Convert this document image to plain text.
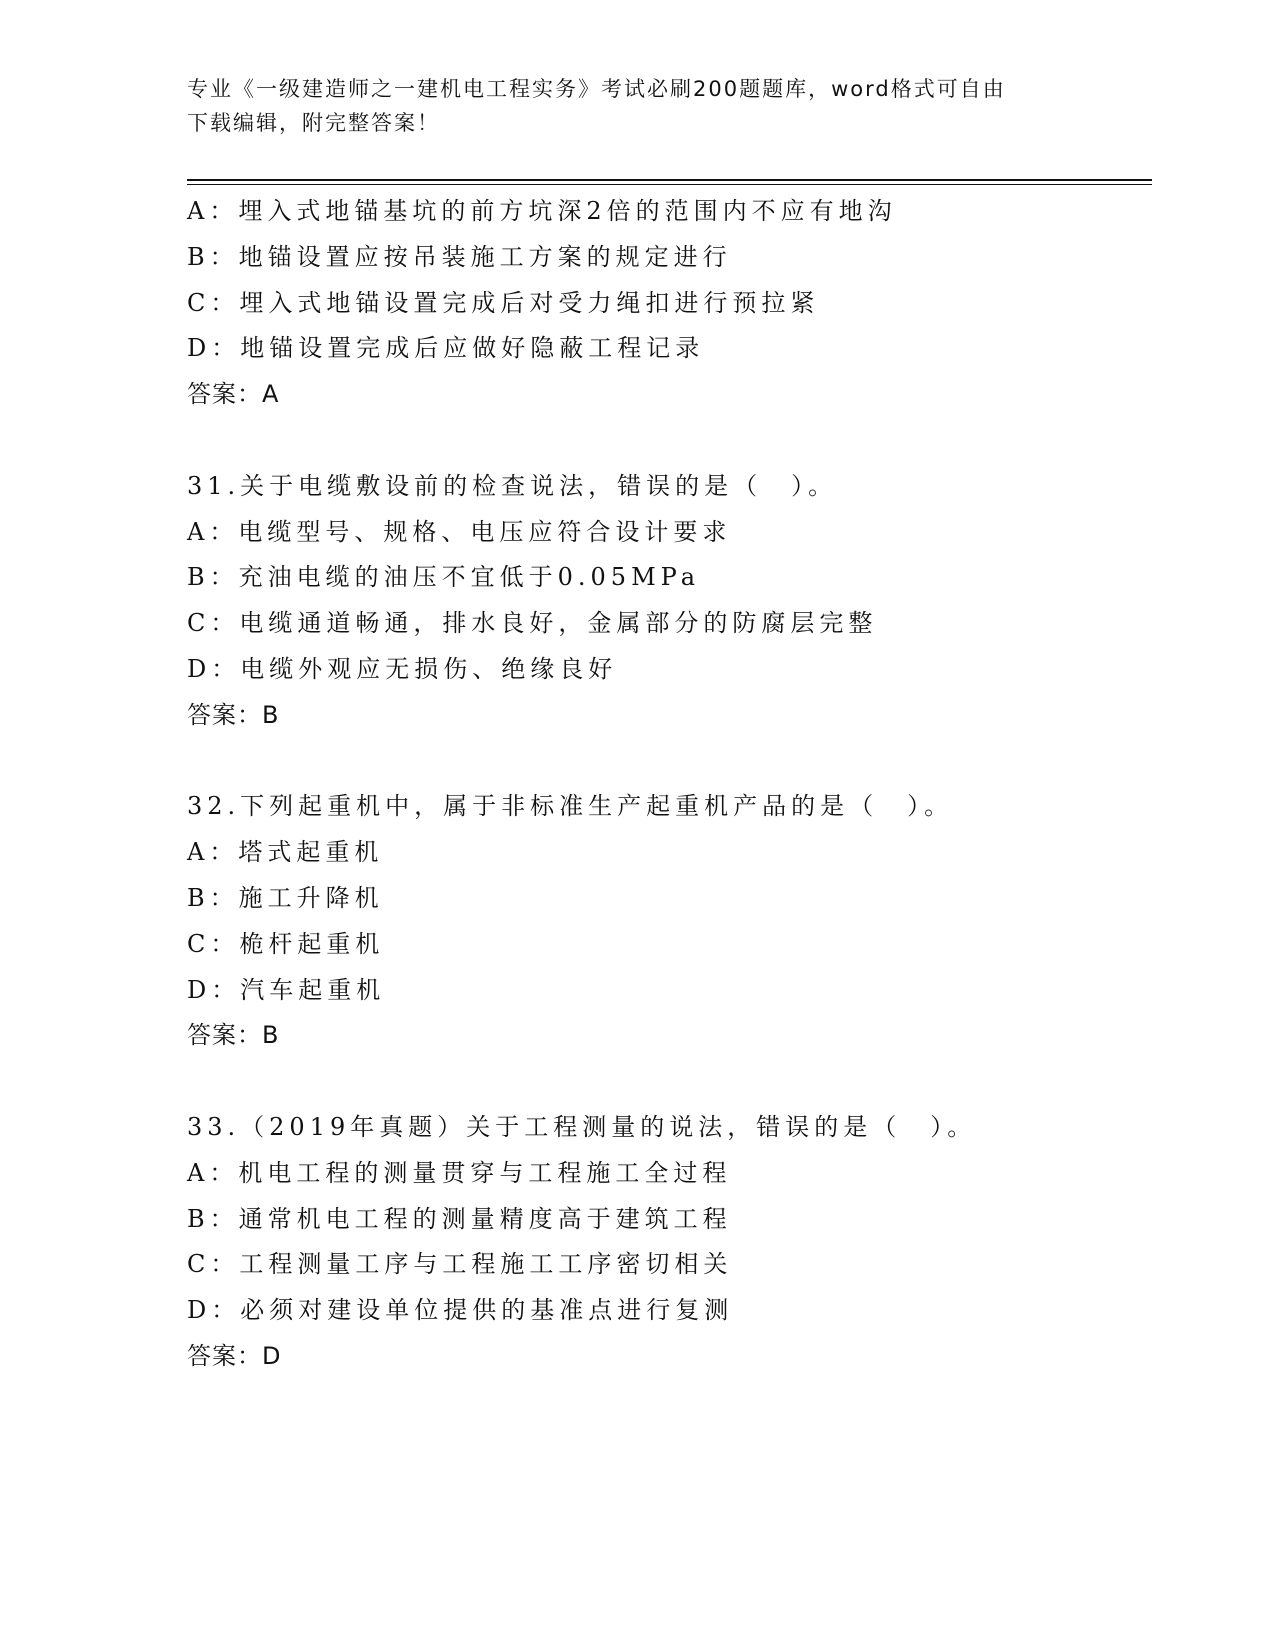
专业《一级建造师之一建机电工程实务》考试必刷200题题库，word格式可自由
下载编辑，附完整答案！
A：埋入式地锚基坑的前方坑深2倍的范围内不应有地沟
B：地锚设置应按吊装施工方案的规定进行
C：埋入式地锚设置完成后对受力绳扣进行预拉紧
D：地锚设置完成后应做好隐蔽工程记录
答案：A
31.关于电缆敷设前的检查说法，错误的是（　）。
A：电缆型号、规格、电压应符合设计要求
B：充油电缆的油压不宜低于0.05MPa
C：电缆通道畅通，排水良好，金属部分的防腐层完整
D：电缆外观应无损伤、绝缘良好
答案：B
32.下列起重机中，属于非标准生产起重机产品的是（　）。
A：塔式起重机
B：施工升降机
C：桅杆起重机
D：汽车起重机
答案：B
33.（2019年真题）关于工程测量的说法，错误的是（　）。
A：机电工程的测量贯穿与工程施工全过程
B：通常机电工程的测量精度高于建筑工程
C：工程测量工序与工程施工工序密切相关
D：必须对建设单位提供的基准点进行复测
答案：D
